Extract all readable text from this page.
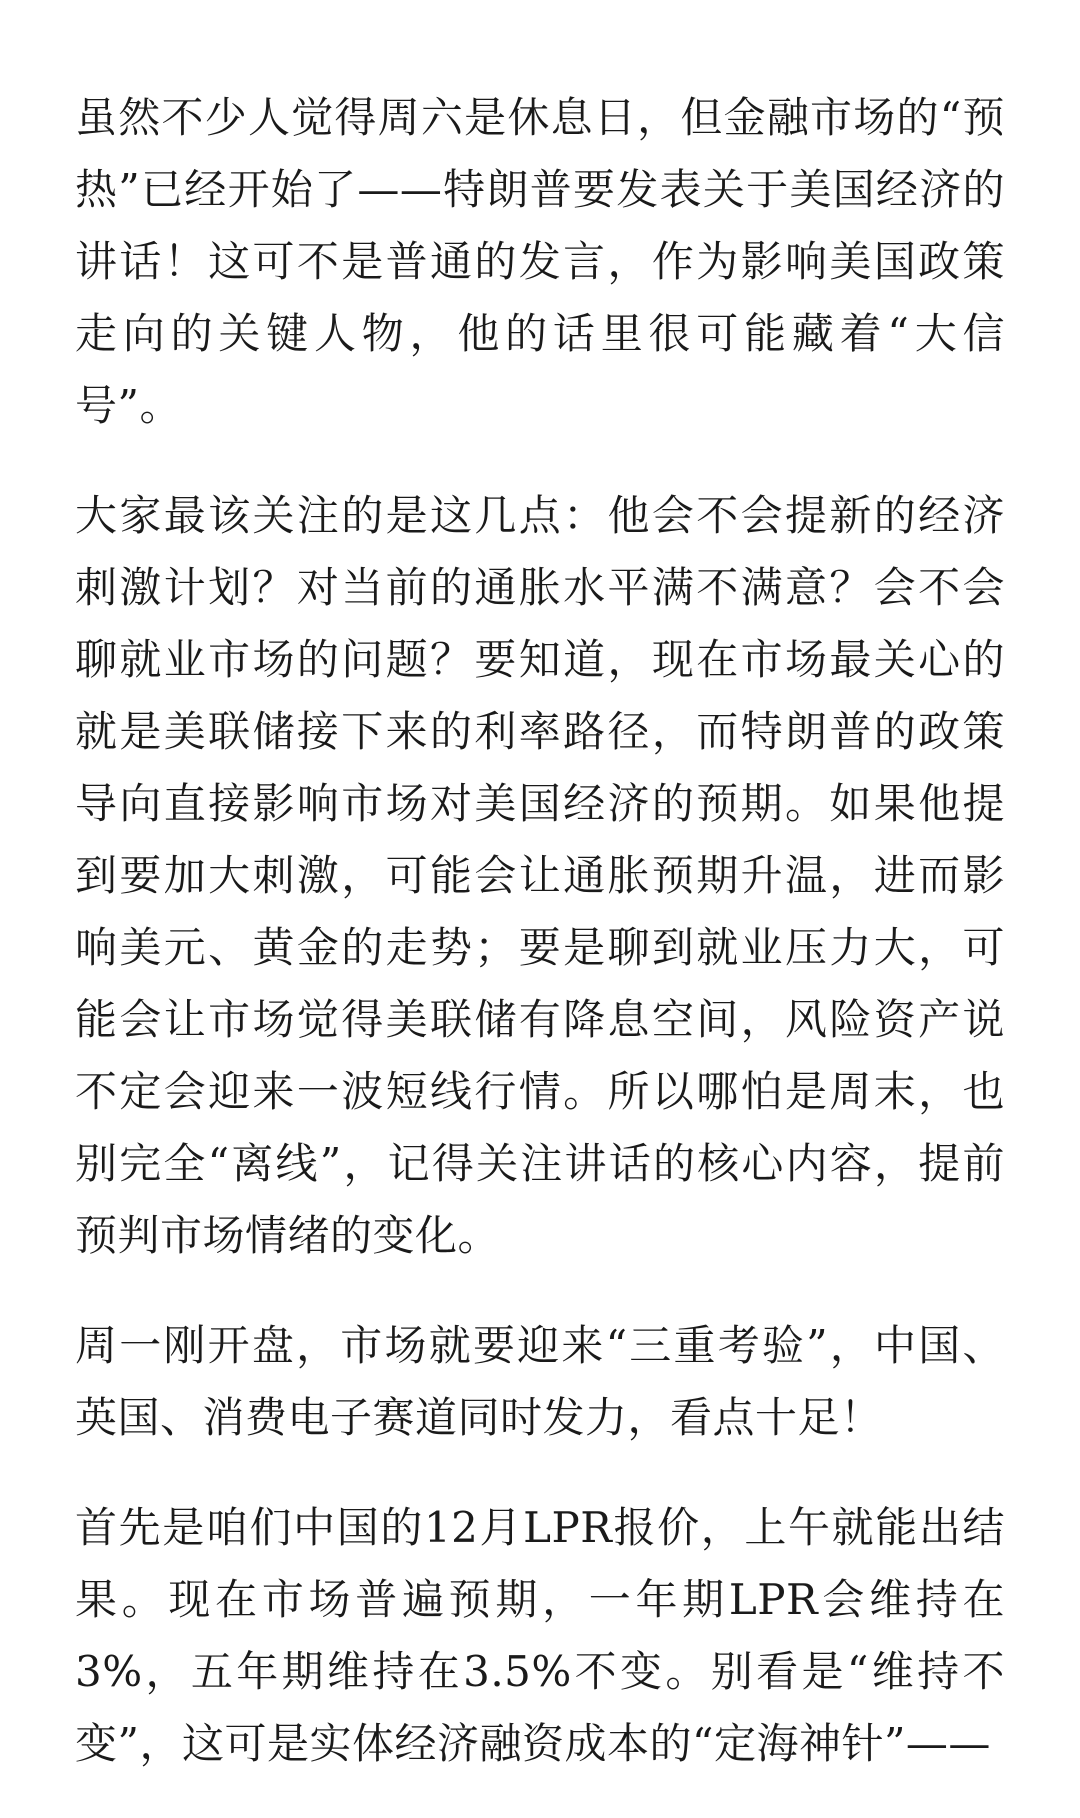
虽然不少人觉得周六是休息日，但金融市场的“预热”已经开始了——特朗普要发表关于美国经济的讲话！这可不是普通的发言，作为影响美国政策走向的关键人物，他的话里很可能藏着“大信号”。

大家最该关注的是这几点：他会不会提新的经济刺激计划？对当前的通胀水平满不满意？会不会聊就业市场的问题？要知道，现在市场最关心的就是美联储接下来的利率路径，而特朗普的政策导向直接影响市场对美国经济的预期。如果他提到要加大刺激，可能会让通胀预期升温，进而影响美元、黄金的走势；要是聊到就业压力大，可能会让市场觉得美联储有降息空间，风险资产说不定会迎来一波短线行情。所以哪怕是周末，也别完全“离线”，记得关注讲话的核心内容，提前预判市场情绪的变化。

周一刚开盘，市场就要迎来“三重考验”，中国、英国、消费电子赛道同时发力，看点十足！

首先是咱们中国的12月LPR报价，上午就能出结果。现在市场普遍预期，一年期LPR会维持在3%，五年期维持在3.5%不变。别看是“维持不变”，这可是实体经济融资成本的“定海神针”——
